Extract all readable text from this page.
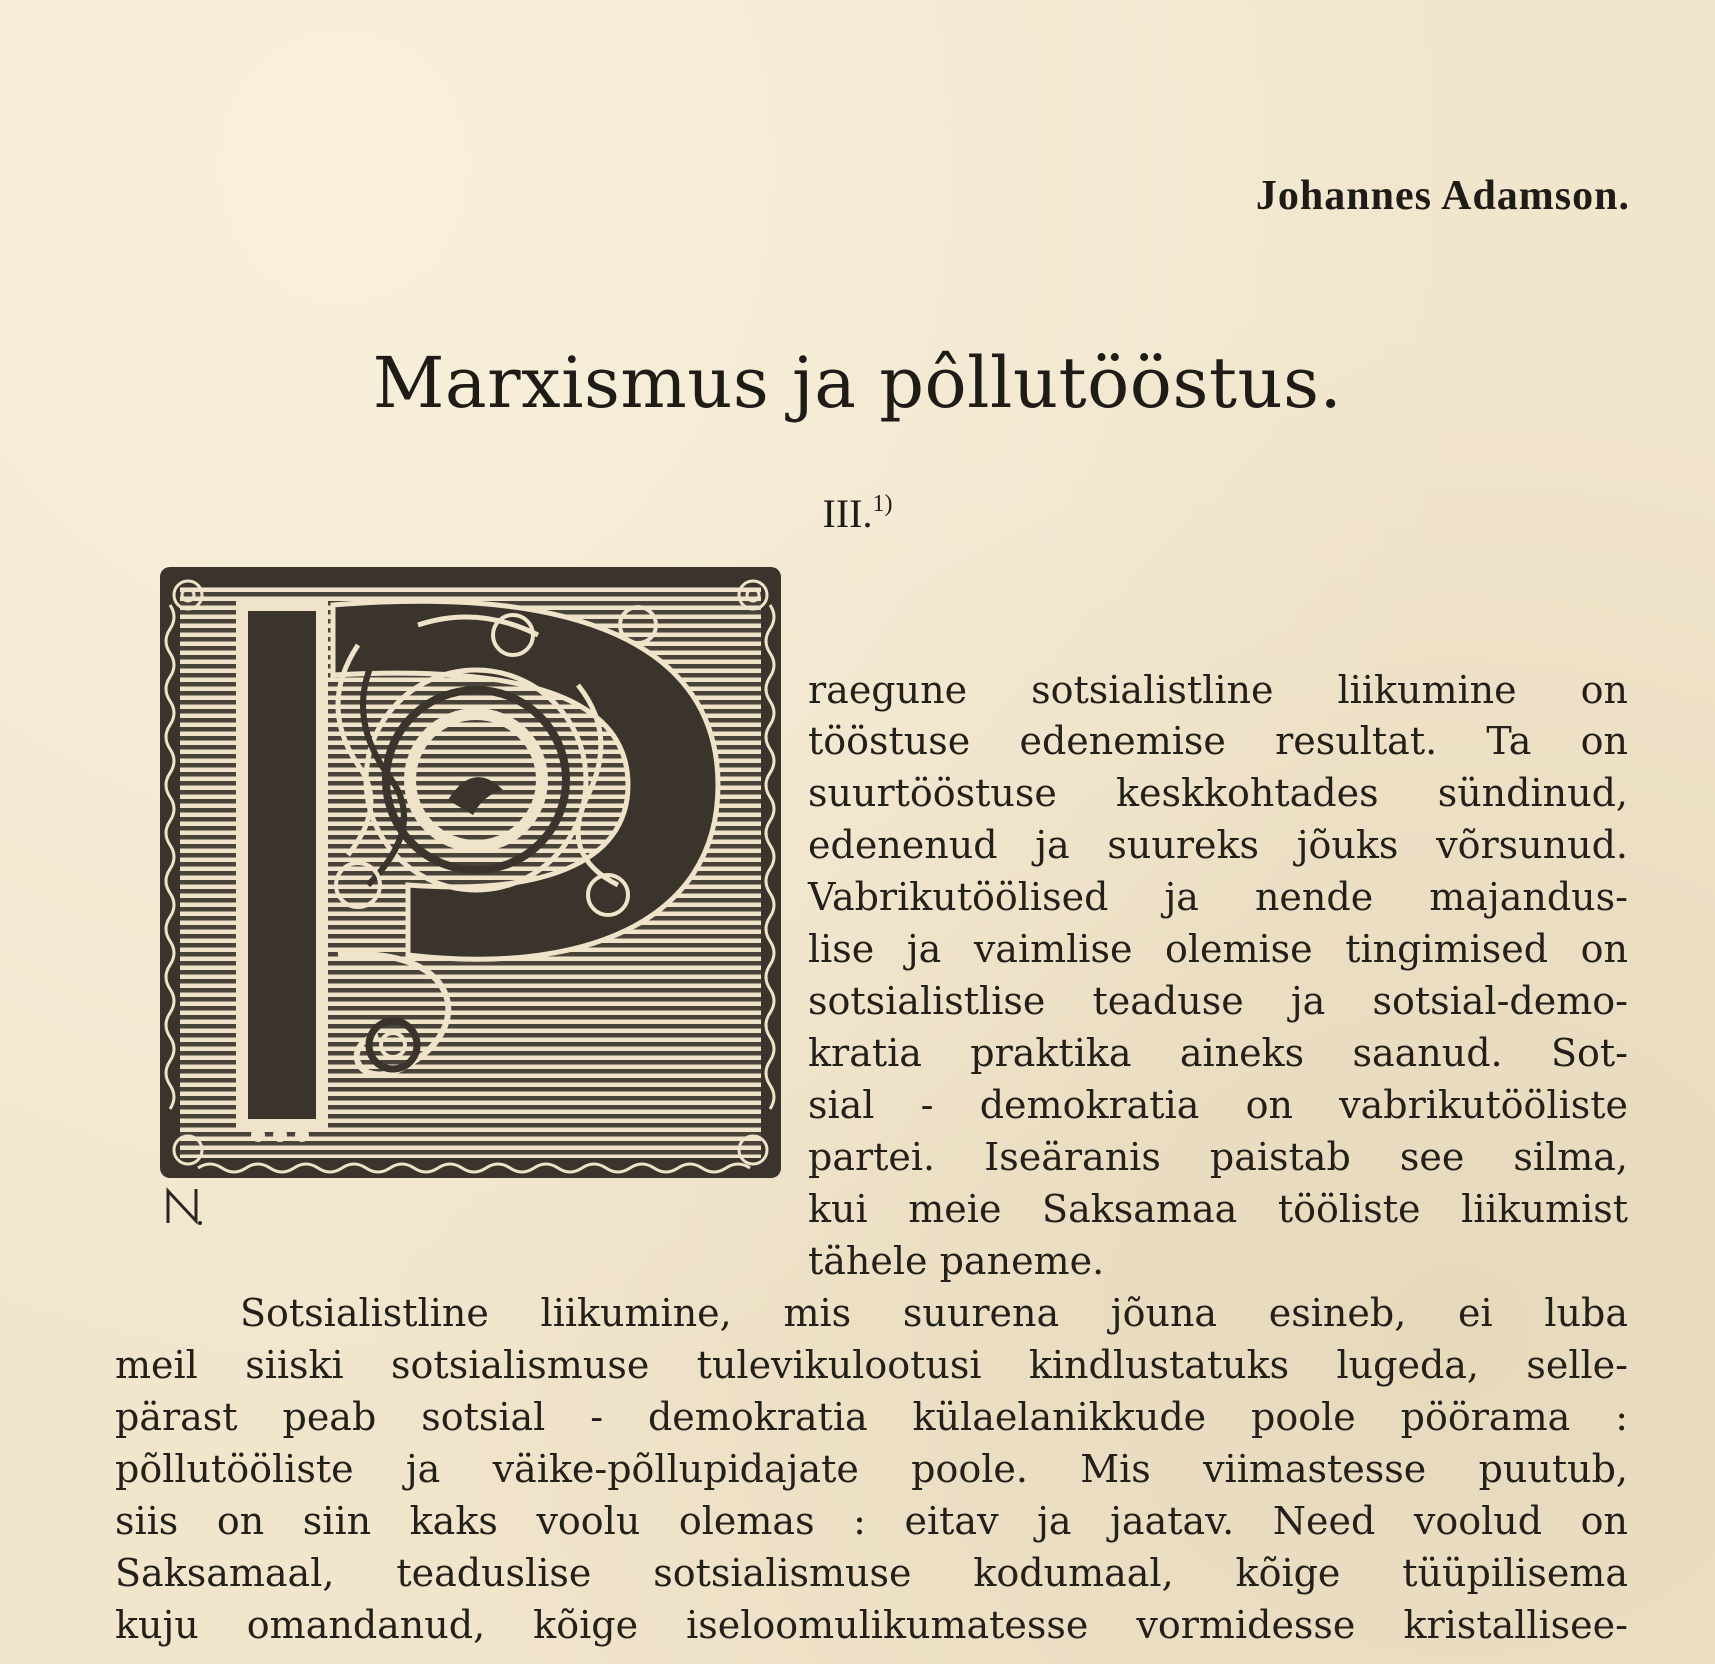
Johannes Adamson.

Marxismus ja pôllutööstus.

III.$^{1)}$

raegune sotsialistline liikumine on

tööstuse edenemise resultat. Ta on

suurtööstuse keskkohtades sündinud,

edenenud ja suureks jõuks võrsunud.

Vabrikutöölised ja nende majandus-

lise ja vaimlise olemise tingimised on

sotsialistlise teaduse ja sotsial-demo-

kratia praktika aineks saanud. Sot-

sial - demokratia on vabrikutööliste

partei. Iseäranis paistab see silma,

kui meie Saksamaa tööliste liikumist

tähele paneme.

Sotsialistline liikumine, mis suurena jõuna esineb, ei luba

meil siiski sotsialismuse tulevikulootusi kindlustatuks lugeda, selle-

pärast peab sotsial - demokratia külaelanikkude poole pöörama :

põllutööliste ja väike-põllupidajate poole. Mis viimastesse puutub,

siis on siin kaks voolu olemas : eitav ja jaatav. Need voolud on

Saksamaal, teaduslise sotsialismuse kodumaal, kõige tüüpilisema

kuju omandanud, kõige iseloomulikumatesse vormidesse kristallisee-
